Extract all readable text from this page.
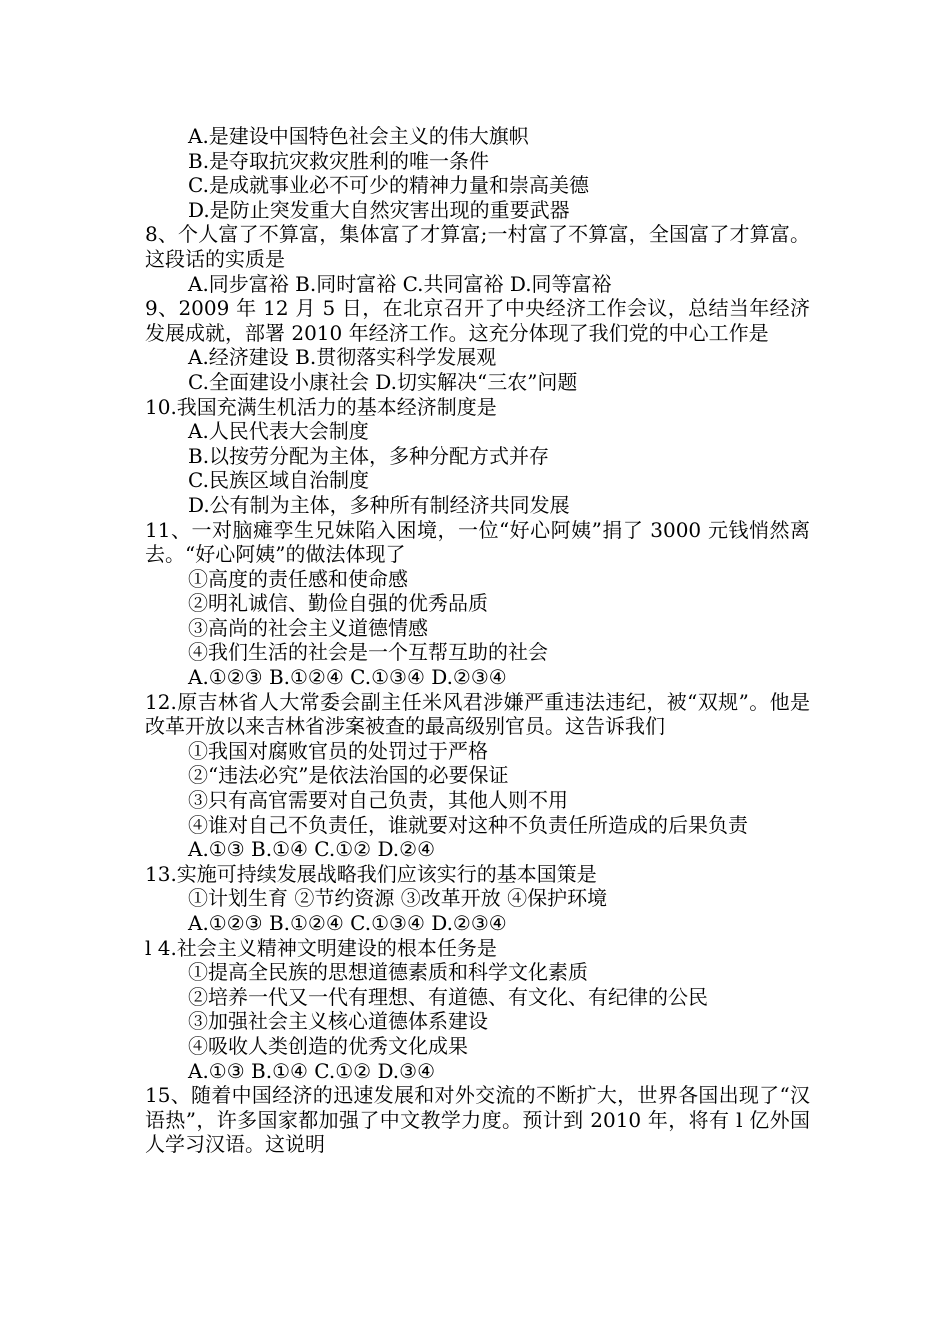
A.是建设中国特色社会主义的伟大旗帜

B.是夺取抗灾救灾胜利的唯一条件

C.是成就事业必不可少的精神力量和崇高美德

D.是防止突发重大自然灾害出现的重要武器

8、个人富了不算富，集体富了才算富;一村富了不算富，全国富了才算富。这段话的实质是

A.同步富裕 B.同时富裕 C.共同富裕 D.同等富裕

9、2009 年 12 月 5 日，在北京召开了中央经济工作会议，总结当年经济发展成就，部署 2010 年经济工作。这充分体现了我们党的中心工作是

A.经济建设 B.贯彻落实科学发展观

C.全面建设小康社会 D.切实解决“三农”问题

10.我国充满生机活力的基本经济制度是

A.人民代表大会制度

B.以按劳分配为主体，多种分配方式并存

C.民族区域自治制度

D.公有制为主体，多种所有制经济共同发展

11、一对脑瘫孪生兄妹陷入困境，一位“好心阿姨”捐了 3000 元钱悄然离去。“好心阿姨”的做法体现了

①高度的责任感和使命感

②明礼诚信、勤俭自强的优秀品质

③高尚的社会主义道德情感

④我们生活的社会是一个互帮互助的社会

A.①②③ B.①②④ C.①③④ D.②③④

12.原吉林省人大常委会副主任米风君涉嫌严重违法违纪，被“双规”。他是改革开放以来吉林省涉案被查的最高级别官员。这告诉我们

①我国对腐败官员的处罚过于严格

②“违法必究”是依法治国的必要保证

③只有高官需要对自己负责，其他人则不用

④谁对自己不负责任，谁就要对这种不负责任所造成的后果负责

A.①③ B.①④ C.①② D.②④

13.实施可持续发展战略我们应该实行的基本国策是

①计划生育 ②节约资源 ③改革开放 ④保护环境

A.①②③ B.①②④ C.①③④ D.②③④

l 4.社会主义精神文明建设的根本任务是

①提高全民族的思想道德素质和科学文化素质

②培养一代又一代有理想、有道德、有文化、有纪律的公民

③加强社会主义核心道德体系建设

④吸收人类创造的优秀文化成果

A.①③ B.①④ C.①② D.③④

15、随着中国经济的迅速发展和对外交流的不断扩大，世界各国出现了“汉语热”，许多国家都加强了中文教学力度。预计到 2010 年，将有 l 亿外国人学习汉语。这说明
